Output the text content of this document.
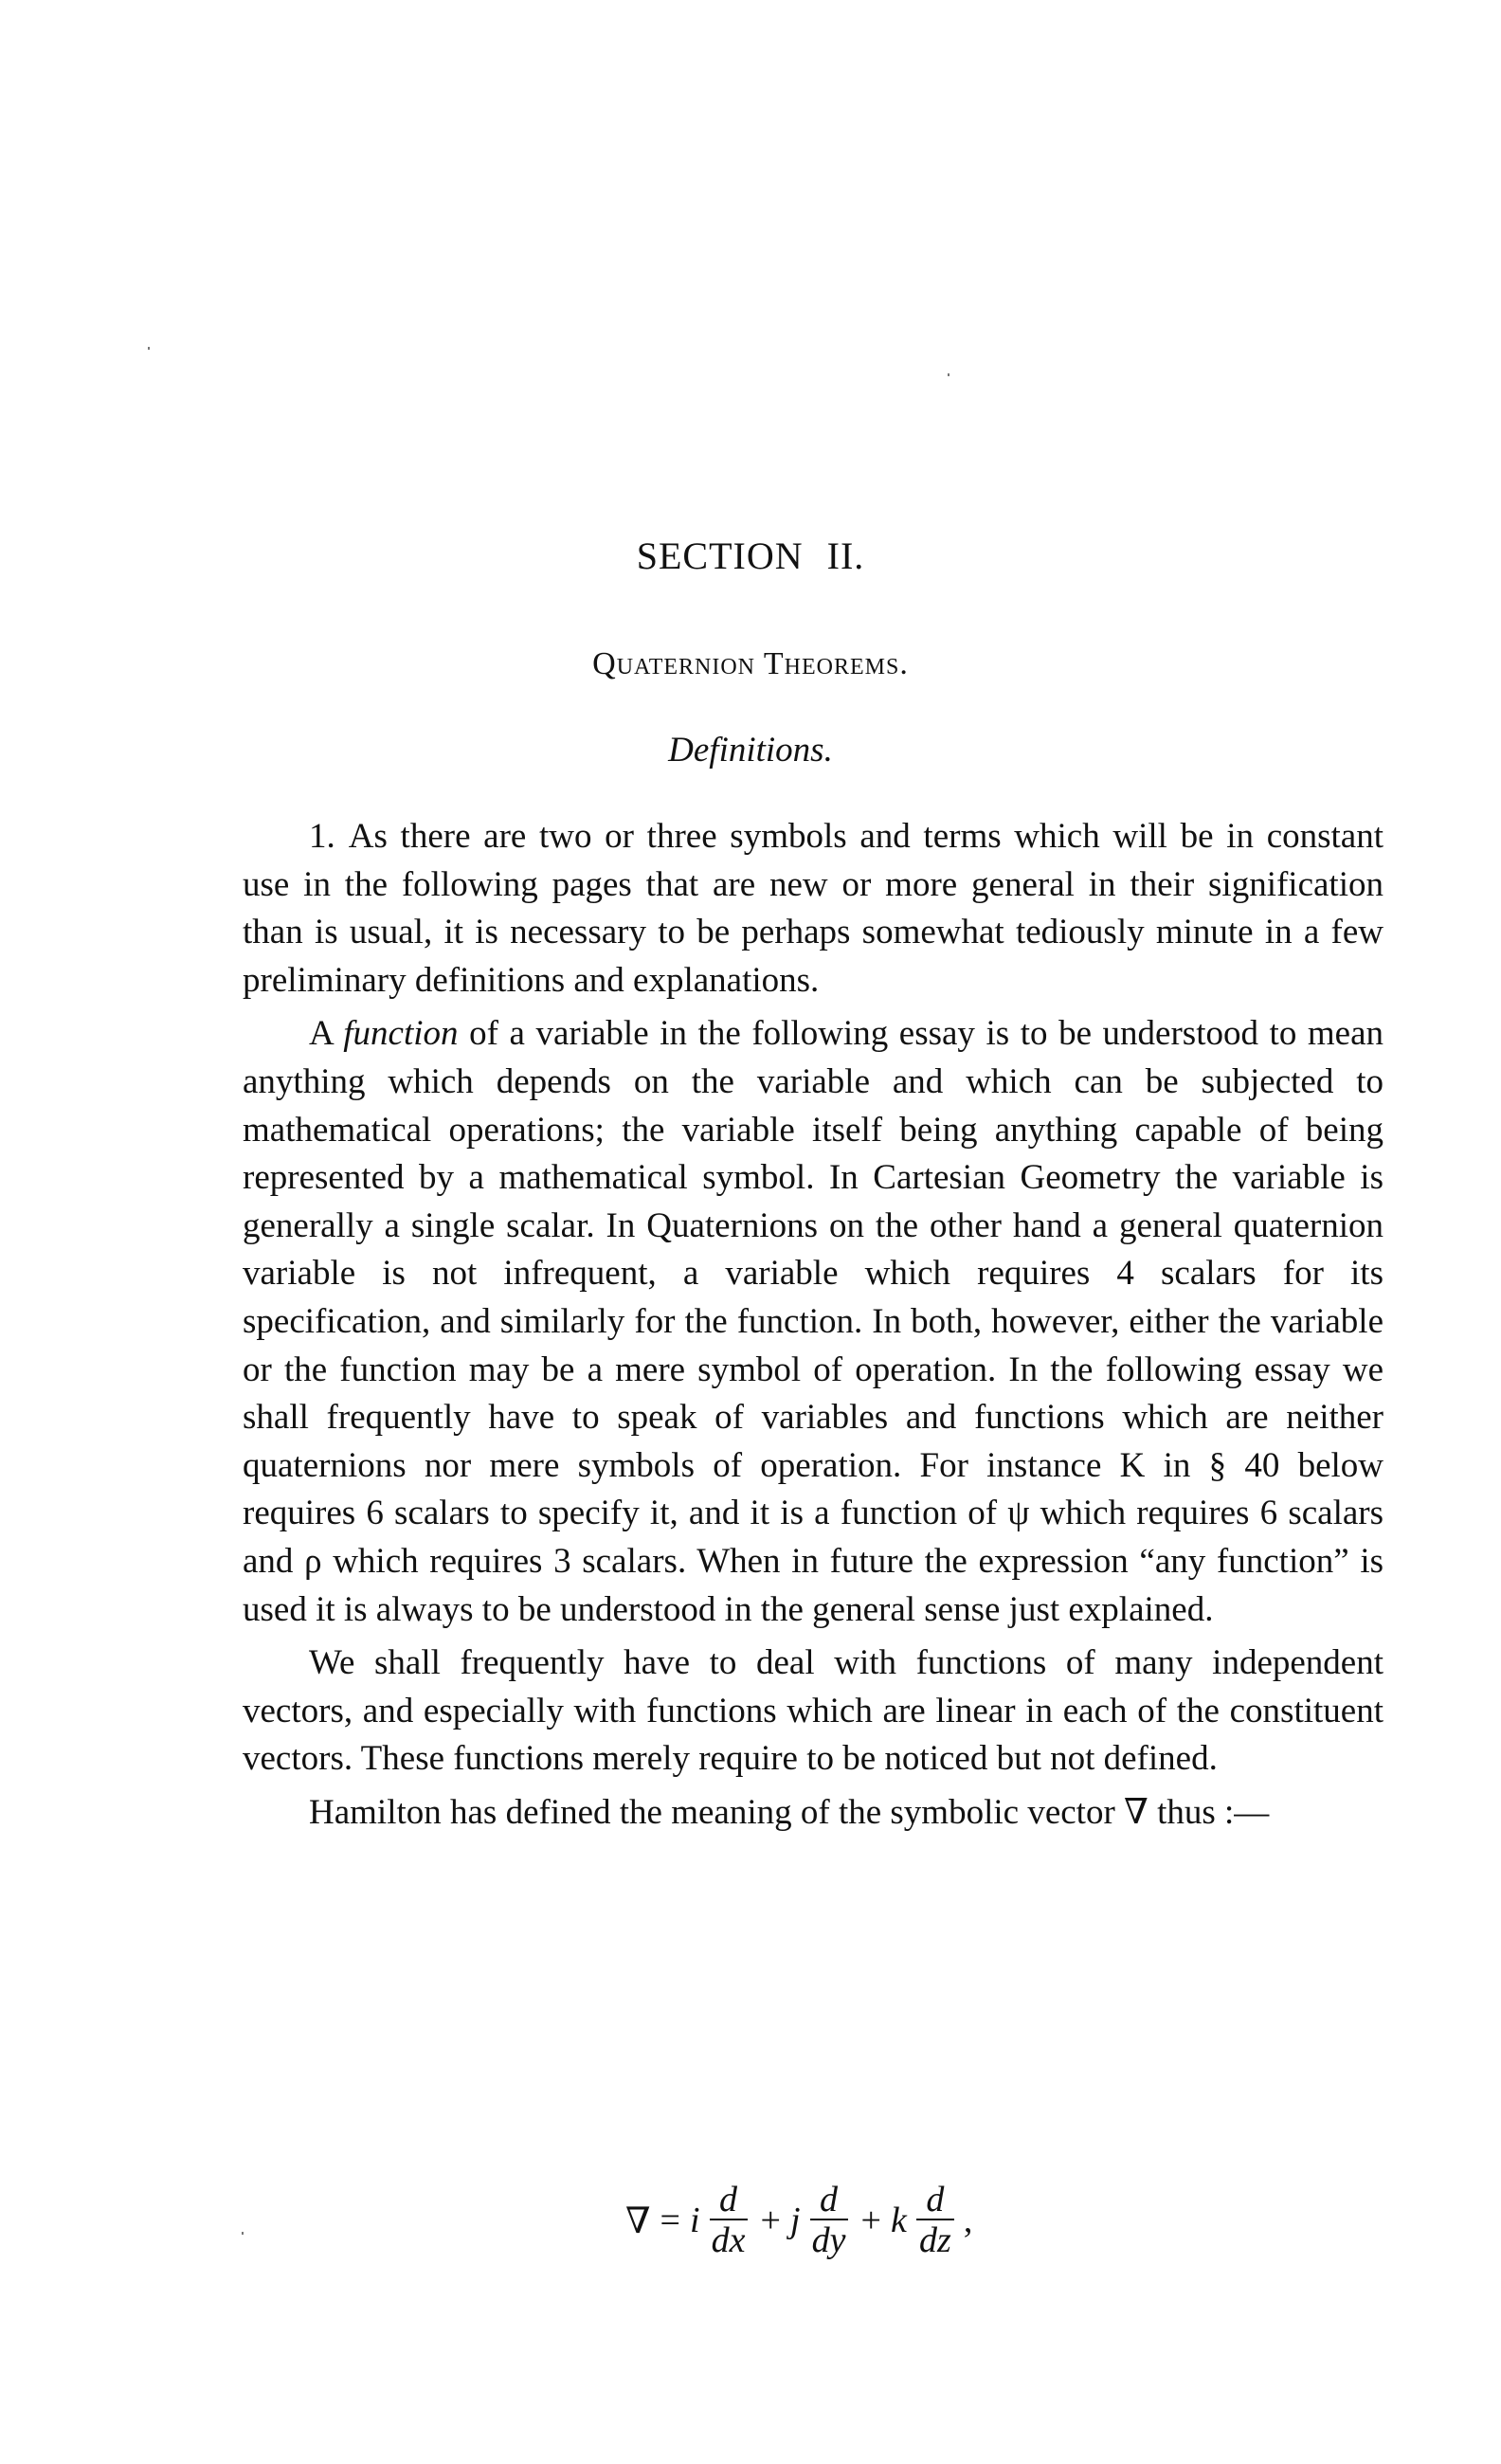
SECTION II.
Quaternion Theorems.
Definitions.

1. As there are two or three symbols and terms which will be in constant use in the following pages that are new or more general in their signification than is usual, it is necessary to be perhaps somewhat tediously minute in a few preliminary definitions and explanations.

A function of a variable in the following essay is to be understood to mean anything which depends on the variable and which can be subjected to mathematical operations; the variable itself being anything capable of being represented by a mathematical symbol. In Cartesian Geometry the variable is generally a single scalar. In Quaternions on the other hand a general quaternion variable is not infrequent, a variable which requires 4 scalars for its specification, and similarly for the function. In both, however, either the variable or the function may be a mere symbol of operation. In the following essay we shall frequently have to speak of variables and functions which are neither quaternions nor mere symbols of operation. For instance K in § 40 below requires 6 scalars to specify it, and it is a function of ψ which requires 6 scalars and ρ which requires 3 scalars. When in future the expression “any function” is used it is always to be understood in the general sense just explained.

We shall frequently have to deal with functions of many independent vectors, and especially with functions which are linear in each of the constituent vectors. These functions merely require to be noticed but not defined.

Hamilton has defined the meaning of the symbolic vector ∇ thus :—

∇ = i $\frac{d}{dx} + j \frac{d}{dy} + k \frac{d}{dz}$ ,
